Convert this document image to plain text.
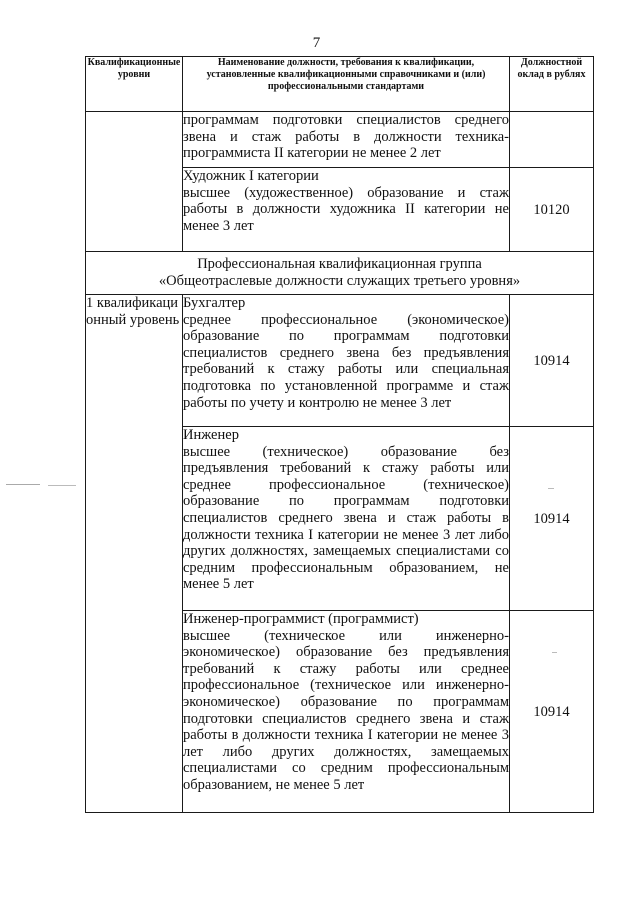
7
Квалификационные уровни	Наименование должности, требования к квалификации, установленные квалификационными справочниками и (или) профессиональными стандартами	Должностной оклад в рублях
	программам подготовки специалистов среднего звена и стаж работы в должности техника-программиста II категории не менее 2 лет	

	Художник I категории
высшее (художественное) образование и стаж работы в должности художника II категории не менее 3 лет	10120

Профессиональная квалификационная группа
«Общеотраслевые должности служащих третьего уровня»		

1 квалификационный уровень	Бухгалтер
среднее профессиональное (экономическое) образование по программам подготовки специалистов среднего звена без предъявления требований к стажу работы или специальная подготовка по установленной программе и стаж работы по учету и контролю не менее 3 лет	10914

	Инженер
высшее (техническое) образование без предъявления требований к стажу работы или среднее профессиональное (техническое) образование по программам подготовки специалистов среднего звена и стаж работы в должности техника I категории не менее 3 лет либо других должностях, замещаемых специалистами со средним профессиональным образованием, не менее 5 лет	10914

	Инженер-программист (программист)
высшее (техническое или инженерно-экономическое) образование без предъявления требований к стажу работы или среднее профессиональное (техническое или инженерно-экономическое) образование по программам подготовки специалистов среднего звена и стаж работы в должности техника I категории не менее 3 лет либо других должностях, замещаемых специалистами со средним профессиональным образованием, не менее 5 лет	10914
